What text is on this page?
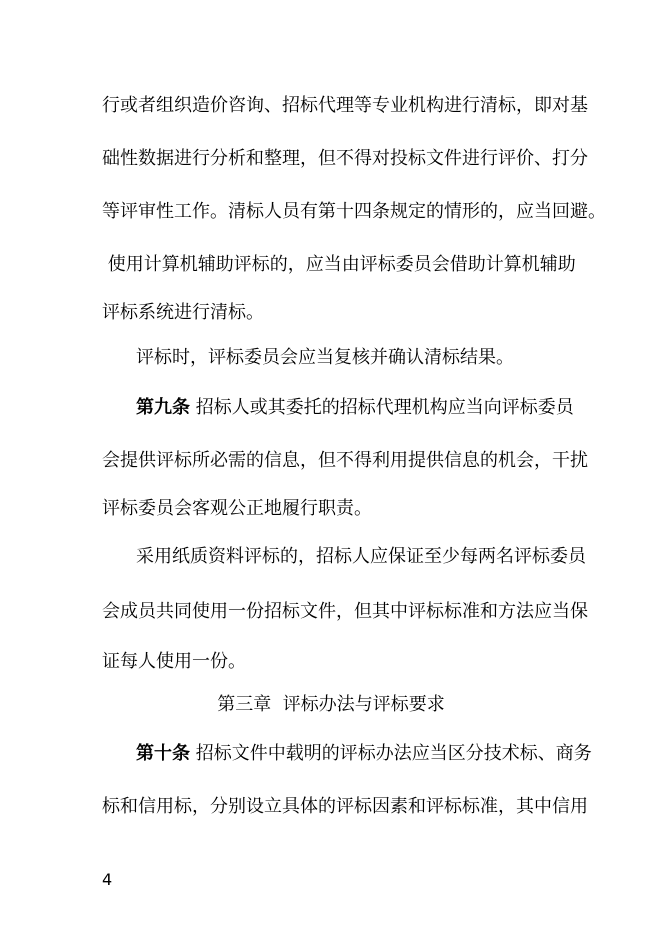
行或者组织造价咨询、招标代理等专业机构进行清标，即对基

础性数据进行分析和整理，但不得对投标文件进行评价、打分

等评审性工作。清标人员有第十四条规定的情形的，应当回避。

使用计算机辅助评标的，应当由评标委员会借助计算机辅助

评标系统进行清标。

评标时，评标委员会应当复核并确认清标结果。

第九条 招标人或其委托的招标代理机构应当向评标委员

会提供评标所必需的信息，但不得利用提供信息的机会，干扰

评标委员会客观公正地履行职责。

采用纸质资料评标的，招标人应保证至少每两名评标委员

会成员共同使用一份招标文件，但其中评标标准和方法应当保

证每人使用一份。

第三章  评标办法与评标要求

第十条 招标文件中载明的评标办法应当区分技术标、商务

标和信用标，分别设立具体的评标因素和评标标准，其中信用

4
